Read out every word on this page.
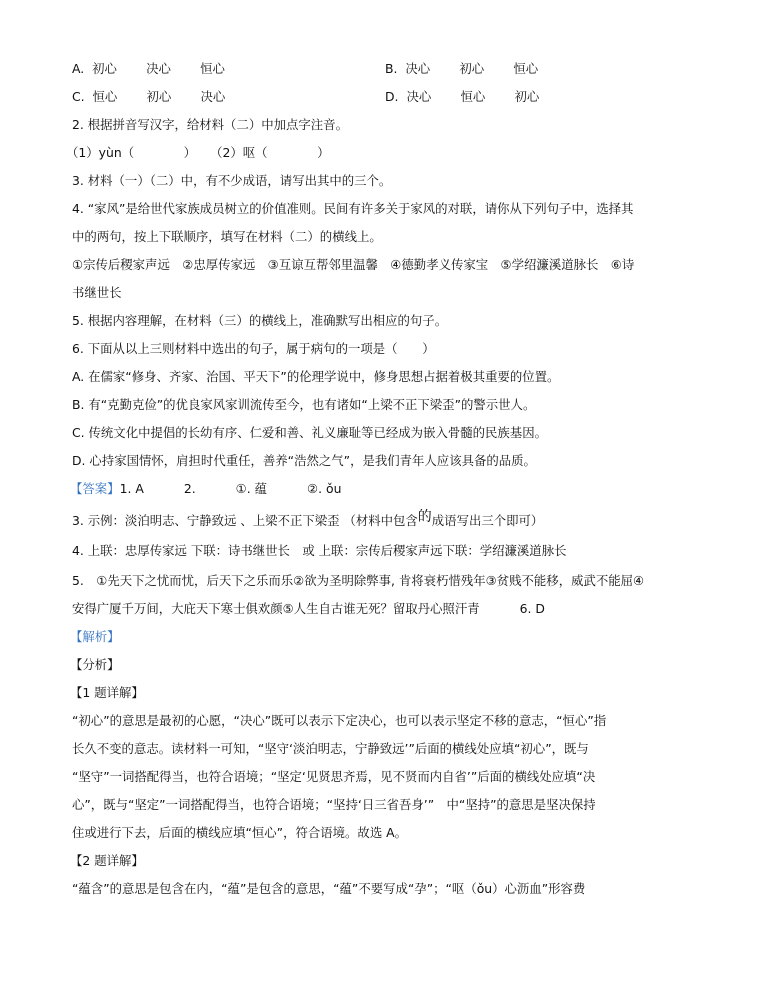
A. 初心 决心 恒心	B. 决心 初心 恒心
C. 恒心 初心 决心	D. 决心 恒心 初心
2. 根据拼音写汉字，给材料（二）中加点字注音。
（1）yùn（　　　　） （2）呕（　　　　）
3. 材料（一）（二）中，有不少成语，请写出其中的三个。
4. “家风”是给世代家族成员树立的价值准则。民间有许多关于家风的对联，请你从下列句子中，选择其
中的两句，按上下联顺序，填写在材料（二）的横线上。
①宗传后稷家声远　②忠厚传家远　③互谅互帮邻里温馨　④德勤孝义传家宝　⑤学绍濂溪道脉长　⑥诗
书继世长
5. 根据内容理解，在材料（三）的横线上，准确默写出相应的句子。
6. 下面从以上三则材料中选出的句子，属于病句的一项是（　　）
A. 在儒家“修身、齐家、治国、平天下”的伦理学说中，修身思想占据着极其重要的位置。
B. 有“克勤克俭”的优良家风家训流传至今，也有诸如“上梁不正下梁歪”的警示世人。
C. 传统文化中提倡的长幼有序、仁爱和善、礼义廉耻等已经成为嵌入骨髓的民族基因。
D. 心持家国情怀，肩担时代重任，善养“浩然之气”，是我们青年人应该具备的品质。
【答案】1. A	2.	①. 蕴	②. ǒu
3. 示例：淡泊明志、宁静致远 、上梁不正下梁歪 （材料中包含的成语写出三个即可）
4. 上联：忠厚传家远 下联：诗书继世长　或 上联：宗传后稷家声远下联：学绍濂溪道脉长
5.　①先天下之忧而忧，后天下之乐而乐②欲为圣明除弊事, 肯将衰朽惜残年③贫贱不能移，威武不能屈④
安得广厦千万间，大庇天下寒士俱欢颜⑤人生自古谁无死？留取丹心照汗青	6. D
【解析】
【分析】
【1 题详解】
“初心”的意思是最初的心愿，“决心”既可以表示下定决心，也可以表示坚定不移的意志，“恒心”指
长久不变的意志。读材料一可知，“坚守‘淡泊明志，宁静致远’”后面的横线处应填“初心”，既与
“坚守”一词搭配得当，也符合语境；“坚定‘见贤思齐焉，见不贤而内自省’”后面的横线处应填“决
心”，既与“坚定”一词搭配得当，也符合语境；“坚持‘日三省吾身’”　中“坚持”的意思是坚决保持
住或进行下去，后面的横线应填“恒心”，符合语境。故选 A。
【2 题详解】
“蕴含”的意思是包含在内，“蕴”是包含的意思，“蕴”不要写成“孕”；“呕（ǒu）心沥血”形容费
